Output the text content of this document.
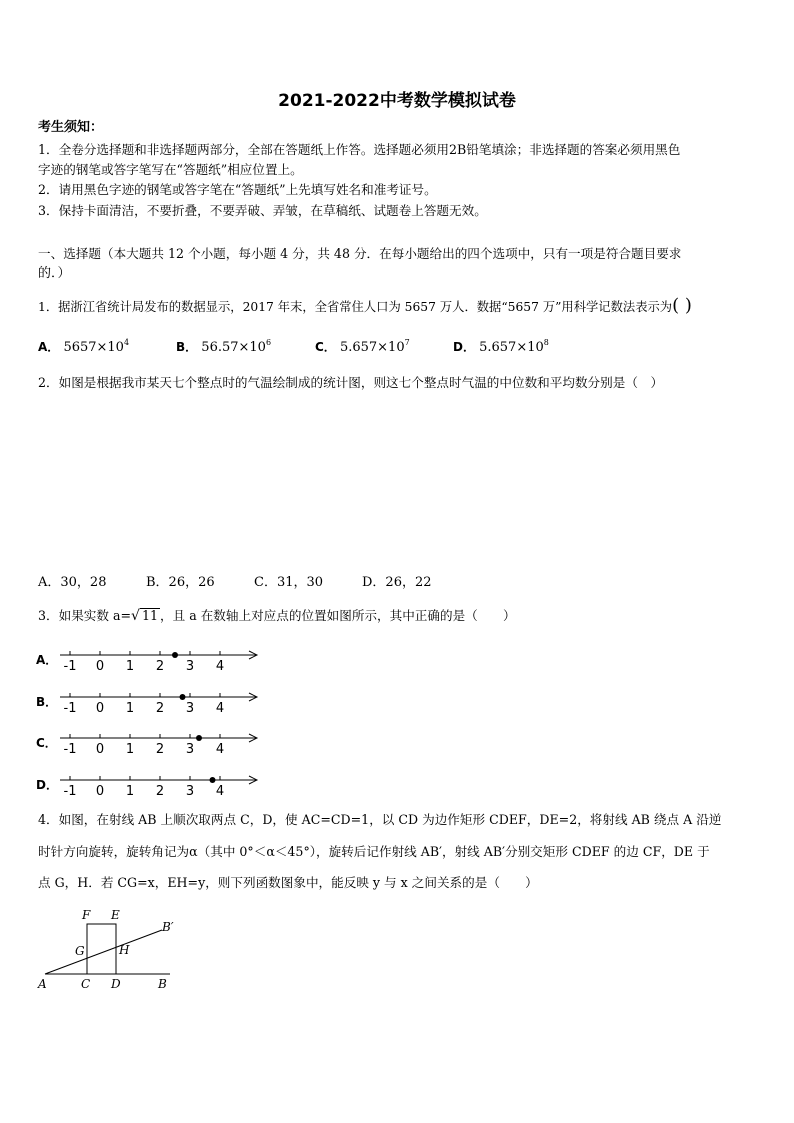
2021-2022中考数学模拟试卷
考生须知：
1．全卷分选择题和非选择题两部分，全部在答题纸上作答。选择题必须用2B铅笔填涂；非选择题的答案必须用黑色
字迹的钢笔或答字笔写在“答题纸”相应位置上。
2．请用黑色字迹的钢笔或答字笔在“答题纸”上先填写姓名和准考证号。
3．保持卡面清洁，不要折叠，不要弄破、弄皱，在草稿纸、试题卷上答题无效。
一、选择题（本大题共 12 个小题，每小题 4 分，共 48 分．在每小题给出的四个选项中，只有一项是符合题目要求
的．）
1．据浙江省统计局发布的数据显示，2017 年末，全省常住人口为 5657 万人．数据“5657 万”用科学记数法表示为( )
A． $5657\times 10^4$	B． $56.57\times 10^6$	C． $5.657\times 10^7$	D． $5.657\times 10^8$
2．如图是根据我市某天七个整点时的气温绘制成的统计图，则这七个整点时气温的中位数和平均数分别是（　）
A．30，28	B．26，26	C．31，30	D．26，22
3．如果实数 a=√ 11 ，且 a 在数轴上对应点的位置如图所示，其中正确的是（　　）
A． -1 0 1 2 3 4
B． -1 0 1 2 3 4
C． -1 0 1 2 3 4
D． -1 0 1 2 3 4
4．如图，在射线 AB 上顺次取两点 C，D，使 AC=CD=1，以 CD 为边作矩形 CDEF，DE=2，将射线 AB 绕点 A 沿逆
时针方向旋转，旋转角记为α（其中 0°＜α＜45°），旋转后记作射线 AB′，射线 AB′分别交矩形 CDEF 的边 CF，DE 于
点 G，H．若 CG=x，EH=y，则下列函数图象中，能反映 y 与 x 之间关系的是（　　）
F E
G	H
B′
A	C D	B
